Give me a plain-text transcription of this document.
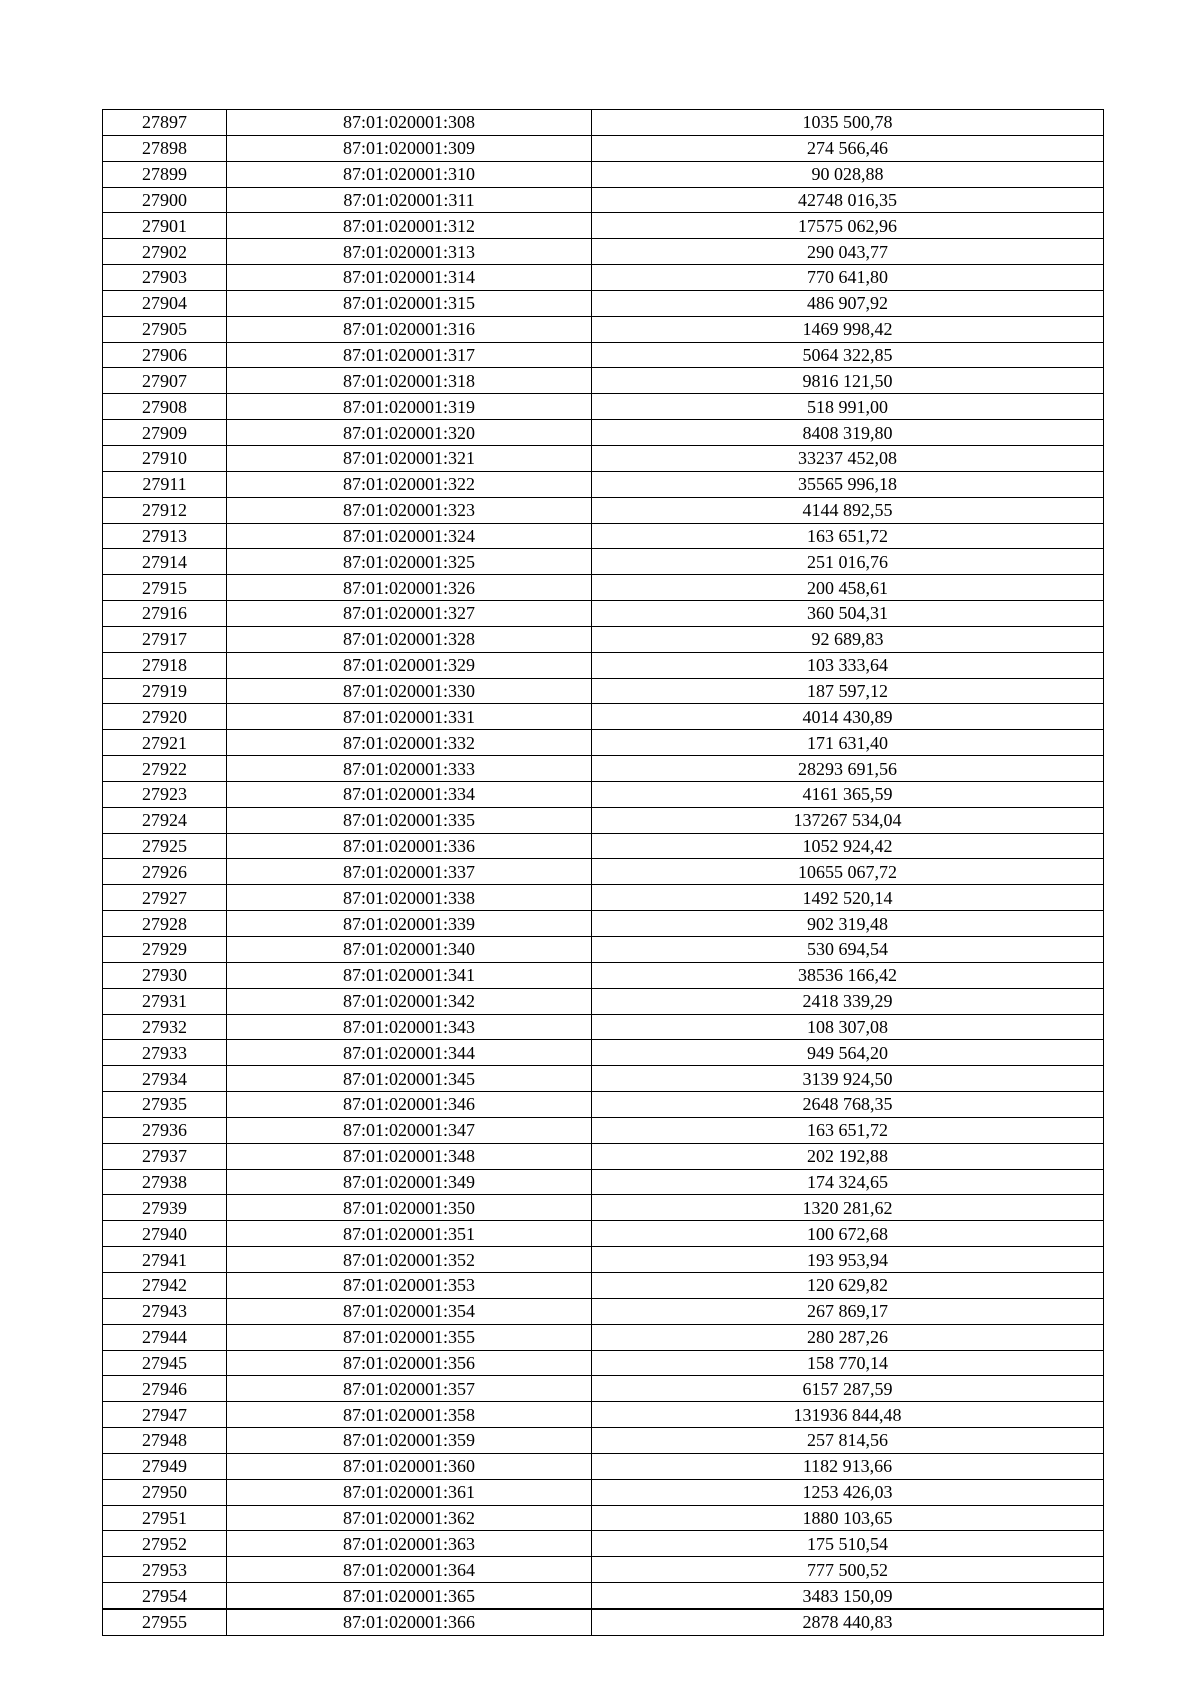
27897	87:01:020001:308	1035 500,78
27898	87:01:020001:309	274 566,46
27899	87:01:020001:310	90 028,88
27900	87:01:020001:311	42748 016,35
27901	87:01:020001:312	17575 062,96
27902	87:01:020001:313	290 043,77
27903	87:01:020001:314	770 641,80
27904	87:01:020001:315	486 907,92
27905	87:01:020001:316	1469 998,42
27906	87:01:020001:317	5064 322,85
27907	87:01:020001:318	9816 121,50
27908	87:01:020001:319	518 991,00
27909	87:01:020001:320	8408 319,80
27910	87:01:020001:321	33237 452,08
27911	87:01:020001:322	35565 996,18
27912	87:01:020001:323	4144 892,55
27913	87:01:020001:324	163 651,72
27914	87:01:020001:325	251 016,76
27915	87:01:020001:326	200 458,61
27916	87:01:020001:327	360 504,31
27917	87:01:020001:328	92 689,83
27918	87:01:020001:329	103 333,64
27919	87:01:020001:330	187 597,12
27920	87:01:020001:331	4014 430,89
27921	87:01:020001:332	171 631,40
27922	87:01:020001:333	28293 691,56
27923	87:01:020001:334	4161 365,59
27924	87:01:020001:335	137267 534,04
27925	87:01:020001:336	1052 924,42
27926	87:01:020001:337	10655 067,72
27927	87:01:020001:338	1492 520,14
27928	87:01:020001:339	902 319,48
27929	87:01:020001:340	530 694,54
27930	87:01:020001:341	38536 166,42
27931	87:01:020001:342	2418 339,29
27932	87:01:020001:343	108 307,08
27933	87:01:020001:344	949 564,20
27934	87:01:020001:345	3139 924,50
27935	87:01:020001:346	2648 768,35
27936	87:01:020001:347	163 651,72
27937	87:01:020001:348	202 192,88
27938	87:01:020001:349	174 324,65
27939	87:01:020001:350	1320 281,62
27940	87:01:020001:351	100 672,68
27941	87:01:020001:352	193 953,94
27942	87:01:020001:353	120 629,82
27943	87:01:020001:354	267 869,17
27944	87:01:020001:355	280 287,26
27945	87:01:020001:356	158 770,14
27946	87:01:020001:357	6157 287,59
27947	87:01:020001:358	131936 844,48
27948	87:01:020001:359	257 814,56
27949	87:01:020001:360	1182 913,66
27950	87:01:020001:361	1253 426,03
27951	87:01:020001:362	1880 103,65
27952	87:01:020001:363	175 510,54
27953	87:01:020001:364	777 500,52
27954	87:01:020001:365	3483 150,09
27955	87:01:020001:366	2878 440,83
